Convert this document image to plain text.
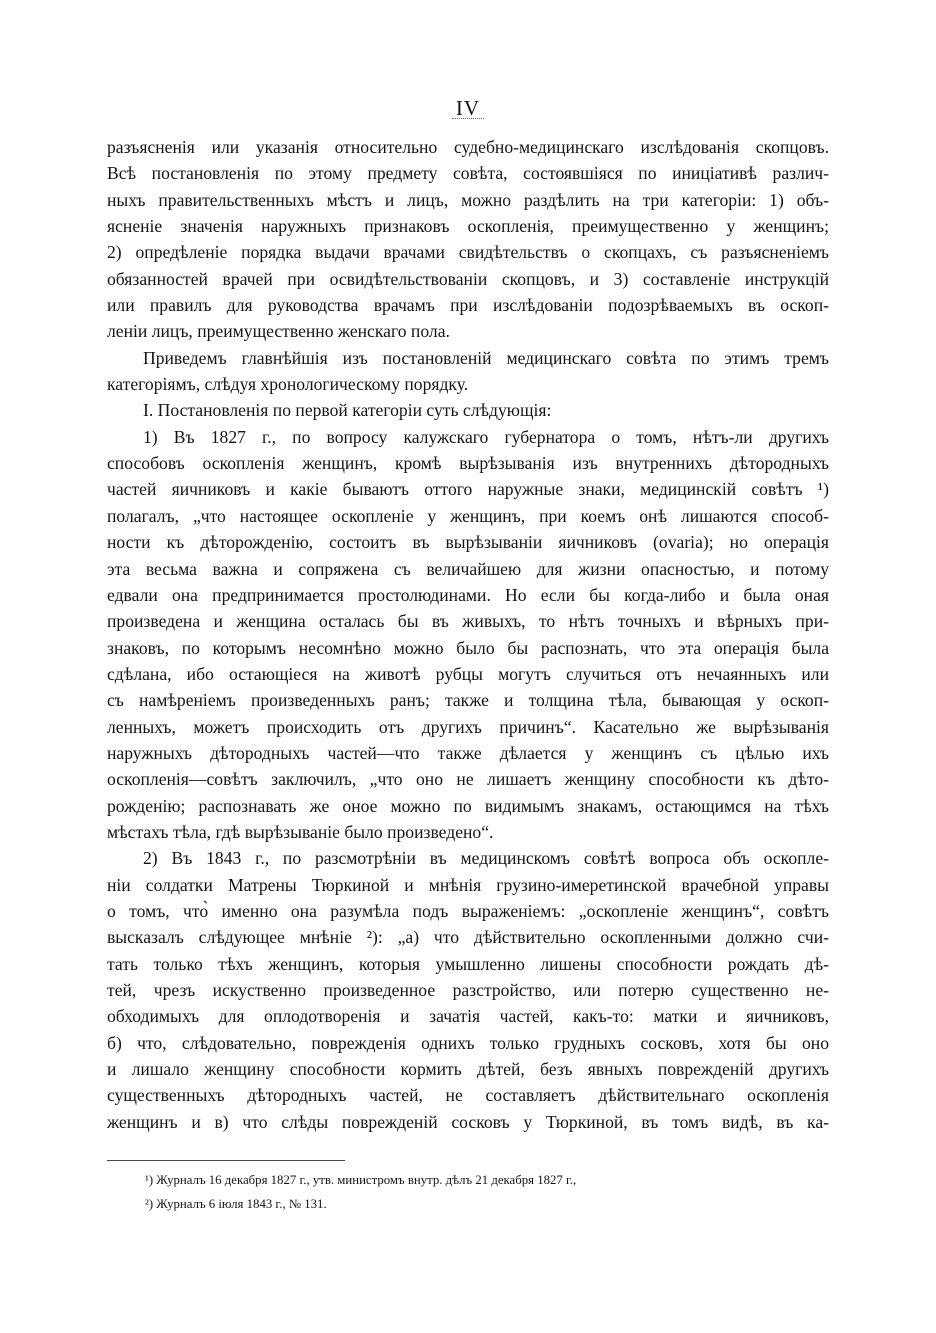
IV
разъясненія или указанія относительно судебно-медицинскаго изслѣдованія скопцовъ.
Всѣ постановленія по этому предмету совѣта, состоявшіяся по иниціативѣ различ-
ныхъ правительственныхъ мѣстъ и лицъ, можно раздѣлить на три категоріи: 1) объ-
ясненіе значенія наружныхъ признаковъ оскопленія, преимущественно у женщинъ;
2) опредѣленіе порядка выдачи врачами свидѣтельствъ о скопцахъ, съ разъясненіемъ
обязанностей врачей при освидѣтельствованіи скопцовъ, и 3) составленіе инструкцій
или правилъ для руководства врачамъ при изслѣдованіи подозрѣваемыхъ въ оскоп-
леніи лицъ, преимущественно женскаго пола.
Приведемъ главнѣйшія изъ постановленій медицинскаго совѣта по этимъ тремъ
категоріямъ, слѣдуя хронологическому порядку.
I. Постановленія по первой категоріи суть слѣдующія:
1) Въ 1827 г., по вопросу калужскаго губернатора о томъ, нѣтъ-ли другихъ
способовъ оскопленія женщинъ, кромѣ вырѣзыванія изъ внутреннихъ дѣтородныхъ
частей яичниковъ и какіе бываютъ оттого наружные знаки, медицинскій совѣтъ ¹)
полагалъ, „что настоящее оскопленіе у женщинъ, при коемъ онѣ лишаются способ-
ности къ дѣторожденію, состоитъ въ вырѣзываніи яичниковъ (ovaria); но операція
эта весьма важна и сопряжена съ величайшею для жизни опасностью, и потому
едвали она предпринимается простолюдинами. Но если бы когда-либо и была оная
произведена и женщина осталась бы въ живыхъ, то нѣтъ точныхъ и вѣрныхъ при-
знаковъ, по которымъ несомнѣно можно было бы распознать, что эта операція была
сдѣлана, ибо остающіеся на животѣ рубцы могутъ случиться отъ нечаянныхъ или
съ намѣреніемъ произведенныхъ ранъ; также и толщина тѣла, бывающая у оскоп-
ленныхъ, можетъ происходить отъ другихъ причинъ“. Касательно же вырѣзыванія
наружныхъ дѣтородныхъ частей—что также дѣлается у женщинъ съ цѣлью ихъ
оскопленія—совѣтъ заключилъ, „что оно не лишаетъ женщину способности къ дѣто-
рожденію; распознавать же оное можно по видимымъ знакамъ, остающимся на тѣхъ
мѣстахъ тѣла, гдѣ вырѣзываніе было произведено“.
2) Въ 1843 г., по разсмотрѣніи въ медицинскомъ совѣтѣ вопроса объ оскопле-
ніи солдатки Матрены Тюркиной и мнѣнія грузино-имеретинской врачебной управы
о томъ, что̀ именно она разумѣла подъ выраженіемъ: „оскопленіе женщинъ“, совѣтъ
высказалъ слѣдующее мнѣніе ²): „а) что дѣйствительно оскопленными должно счи-
тать только тѣхъ женщинъ, которыя умышленно лишены способности рождать дѣ-
тей, чрезъ искуственно произведенное разстройство, или потерю существенно не-
обходимыхъ для оплодотворенія и зачатія частей, какъ-то: матки и яичниковъ,
б) что, слѣдовательно, поврежденія однихъ только грудныхъ сосковъ, хотя бы оно
и лишало женщину способности кормить дѣтей, безъ явныхъ поврежденій другихъ
существенныхъ дѣтородныхъ частей, не составляетъ дѣйствительнаго оскопленія
женщинъ и в) что слѣды поврежденій сосковъ у Тюркиной, въ томъ видѣ, въ ка-
¹) Журналъ 16 декабря 1827 г., утв. министромъ внутр. дѣлъ 21 декабря 1827 г.,
²) Журналъ 6 іюля 1843 г., № 131.
